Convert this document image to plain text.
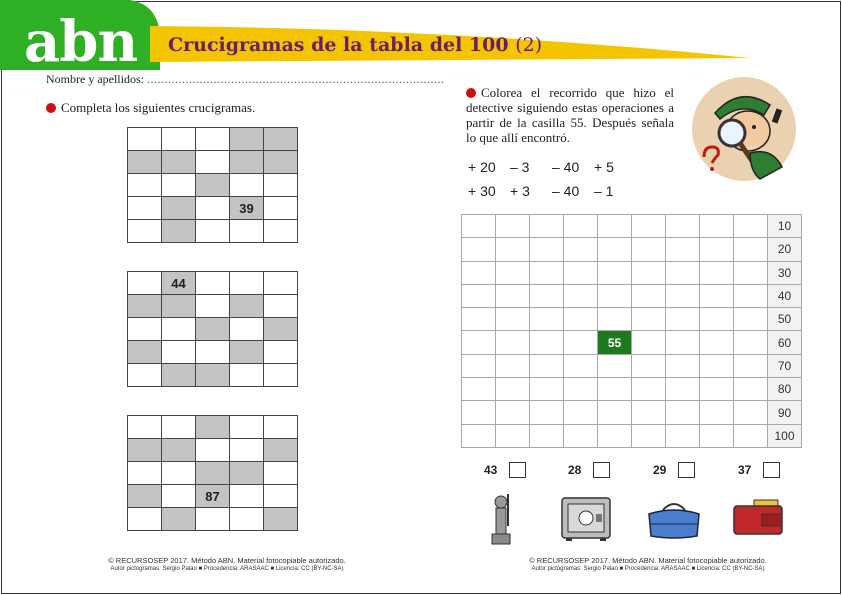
abn Crucigramas de la tabla del 100 (2)
Nombre y apellidos: .....................................................................................
Completa los siguientes crucigramas.

			39	

	44			

		87		

Colorea el recorrido que hizo el detective siguiendo estas operaciones a partir de la casilla 55. Después señala lo que allí encontró.
+ 20	– 3	– 40	+ 5
+ 30	+ 3	– 40	– 1
									10
									20
									30
									40
									50
				55					60
									70
									80
									90
									100
43	28	29	37
© RECURSOSEP 2017. Método ABN. Material fotocopiable autorizado.
Autor pictogramas: Sergio Palao ■ Procedencia: ARASAAC ■ Licencia: CC (BY-NC-SA)
© RECURSOSEP 2017. Método ABN. Material fotocopiable autorizado.
Autor pictogramas: Sergio Palao ■ Procedencia: ARASAAC ■ Licencia: CC (BY-NC-SA)
